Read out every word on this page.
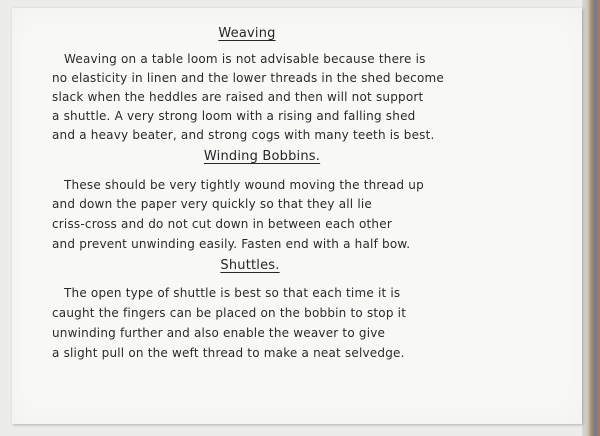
Weaving
Weaving on a table loom is not advisable because there is
no elasticity in linen and the lower threads in the shed become
slack when the heddles are raised and then will not support
a shuttle. A very strong loom with a rising and falling shed
and a heavy beater, and strong cogs with many teeth is best.
Winding Bobbins.
These should be very tightly wound moving the thread up
and down the paper very quickly so that they all lie
criss-cross and do not cut down in between each other
and prevent unwinding easily. Fasten end with a half bow.
Shuttles.
The open type of shuttle is best so that each time it is
caught the fingers can be placed on the bobbin to stop it
unwinding further and also enable the weaver to give
a slight pull on the weft thread to make a neat selvedge.
